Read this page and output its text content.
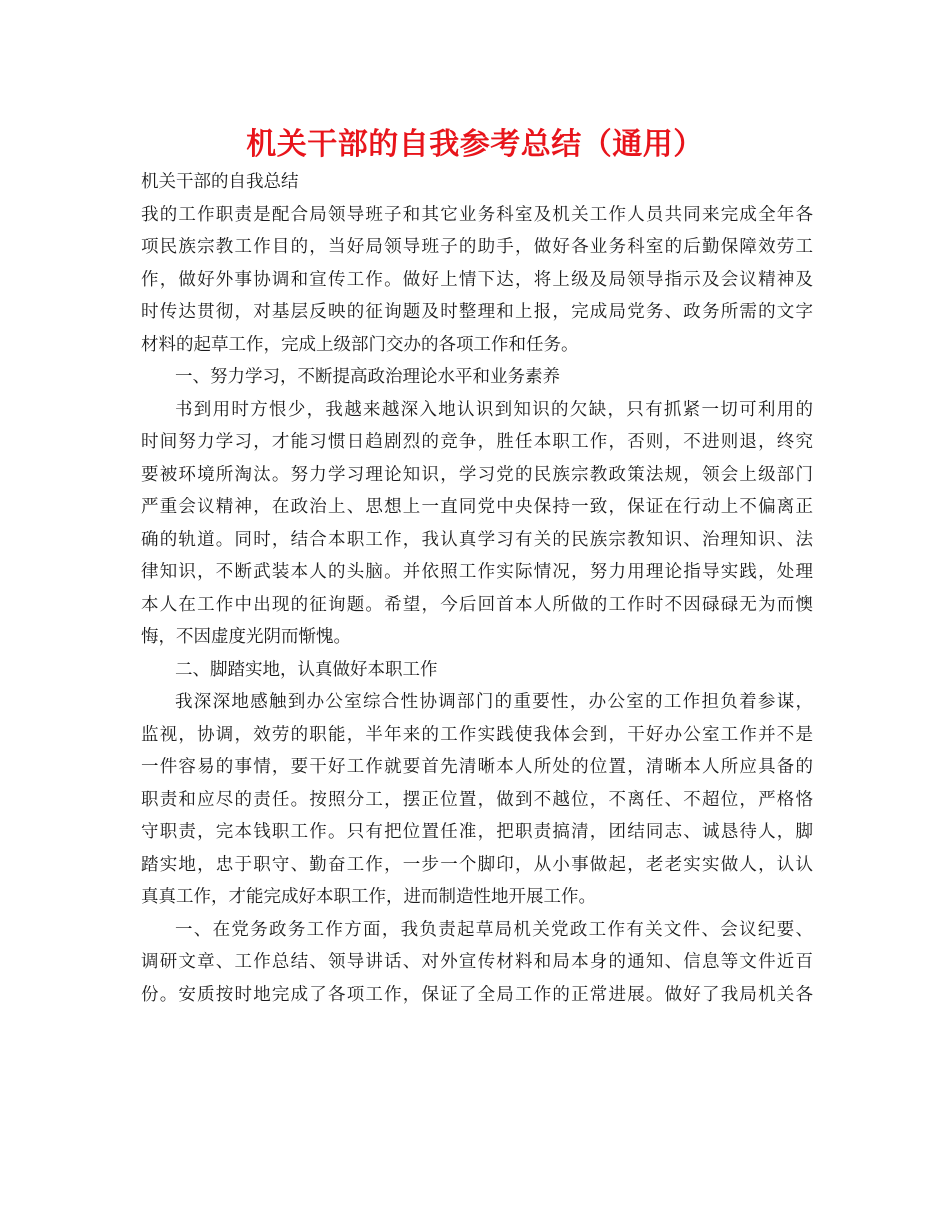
机关干部的自我参考总结（通用）
机关干部的自我总结
我的工作职责是配合局领导班子和其它业务科室及机关工作人员共同来完成全年各
项民族宗教工作目的，当好局领导班子的助手，做好各业务科室的后勤保障效劳工
作，做好外事协调和宣传工作。做好上情下达，将上级及局领导指示及会议精神及
时传达贯彻，对基层反映的征询题及时整理和上报，完成局党务、政务所需的文字
材料的起草工作，完成上级部门交办的各项工作和任务。
一、努力学习，不断提高政治理论水平和业务素养
书到用时方恨少，我越来越深入地认识到知识的欠缺，只有抓紧一切可利用的
时间努力学习，才能习惯日趋剧烈的竞争，胜任本职工作，否则，不进则退，终究
要被环境所淘汰。努力学习理论知识，学习党的民族宗教政策法规，领会上级部门
严重会议精神，在政治上、思想上一直同党中央保持一致，保证在行动上不偏离正
确的轨道。同时，结合本职工作，我认真学习有关的民族宗教知识、治理知识、法
律知识，不断武装本人的头脑。并依照工作实际情况，努力用理论指导实践，处理
本人在工作中出现的征询题。希望，今后回首本人所做的工作时不因碌碌无为而懊
悔，不因虚度光阴而惭愧。
二、脚踏实地，认真做好本职工作
我深深地感触到办公室综合性协调部门的重要性，办公室的工作担负着参谋，
监视，协调，效劳的职能，半年来的工作实践使我体会到，干好办公室工作并不是
一件容易的事情，要干好工作就要首先清晰本人所处的位置，清晰本人所应具备的
职责和应尽的责任。按照分工，摆正位置，做到不越位，不离任、不超位，严格恪
守职责，完本钱职工作。只有把位置任准，把职责搞清，团结同志、诚恳待人，脚
踏实地，忠于职守、勤奋工作，一步一个脚印，从小事做起，老老实实做人，认认
真真工作，才能完成好本职工作，进而制造性地开展工作。
一、在党务政务工作方面，我负责起草局机关党政工作有关文件、会议纪要、
调研文章、工作总结、领导讲话、对外宣传材料和局本身的通知、信息等文件近百
份。安质按时地完成了各项工作，保证了全局工作的正常进展。做好了我局机关各
